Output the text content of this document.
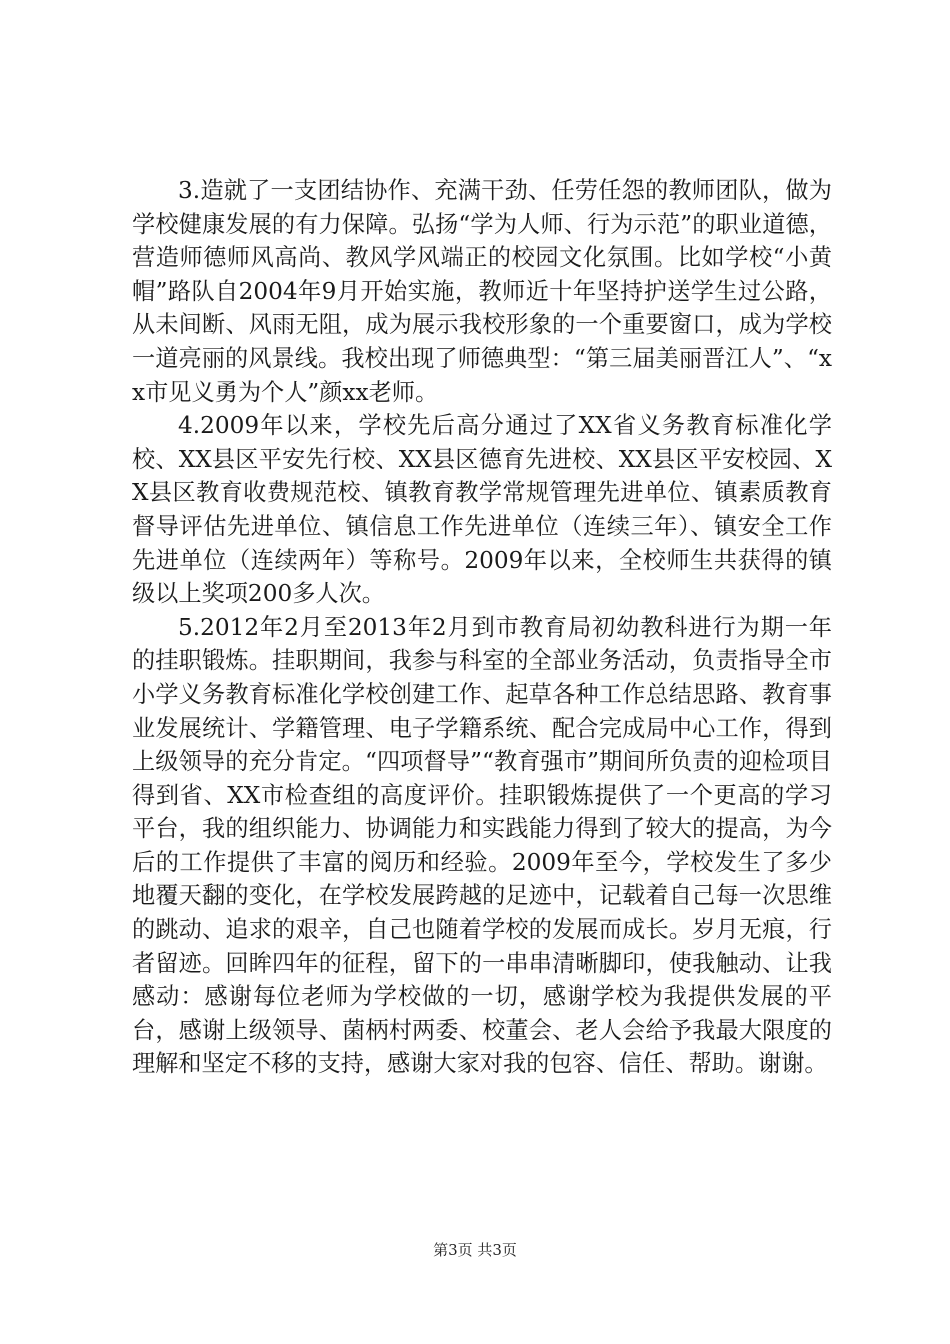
3.造就了一支团结协作、充满干劲、任劳任怨的教师团队，做为学校健康发展的有力保障。弘扬“学为人师、行为示范”的职业道德，营造师德师风高尚、教风学风端正的校园文化氛围。比如学校“小黄帽”路队自2004年9月开始实施，教师近十年坚持护送学生过公路，从未间断、风雨无阻，成为展示我校形象的一个重要窗口，成为学校一道亮丽的风景线。我校出现了师德典型：“第三届美丽晋江人”、“xx市见义勇为个人”颜xx老师。

4.2009年以来，学校先后高分通过了XX省义务教育标准化学校、XX县区平安先行校、XX县区德育先进校、XX县区平安校园、XX县区教育收费规范校、镇教育教学常规管理先进单位、镇素质教育督导评估先进单位、镇信息工作先进单位（连续三年）、镇安全工作先进单位（连续两年）等称号。2009年以来，全校师生共获得的镇级以上奖项200多人次。

5.2012年2月至2013年2月到市教育局初幼教科进行为期一年的挂职锻炼。挂职期间，我参与科室的全部业务活动，负责指导全市小学义务教育标准化学校创建工作、起草各种工作总结思路、教育事业发展统计、学籍管理、电子学籍系统、配合完成局中心工作，得到上级领导的充分肯定。“四项督导”“教育强市”期间所负责的迎检项目得到省、XX市检查组的高度评价。挂职锻炼提供了一个更高的学习平台，我的组织能力、协调能力和实践能力得到了较大的提高，为今后的工作提供了丰富的阅历和经验。2009年至今，学校发生了多少地覆天翻的变化，在学校发展跨越的足迹中，记载着自己每一次思维的跳动、追求的艰辛，自己也随着学校的发展而成长。岁月无痕，行者留迹。回眸四年的征程，留下的一串串清晰脚印，使我触动、让我感动：感谢每位老师为学校做的一切，感谢学校为我提供发展的平台，感谢上级领导、菌柄村两委、校董会、老人会给予我最大限度的理解和坚定不移的支持，感谢大家对我的包容、信任、帮助。谢谢。

第3页 共3页
